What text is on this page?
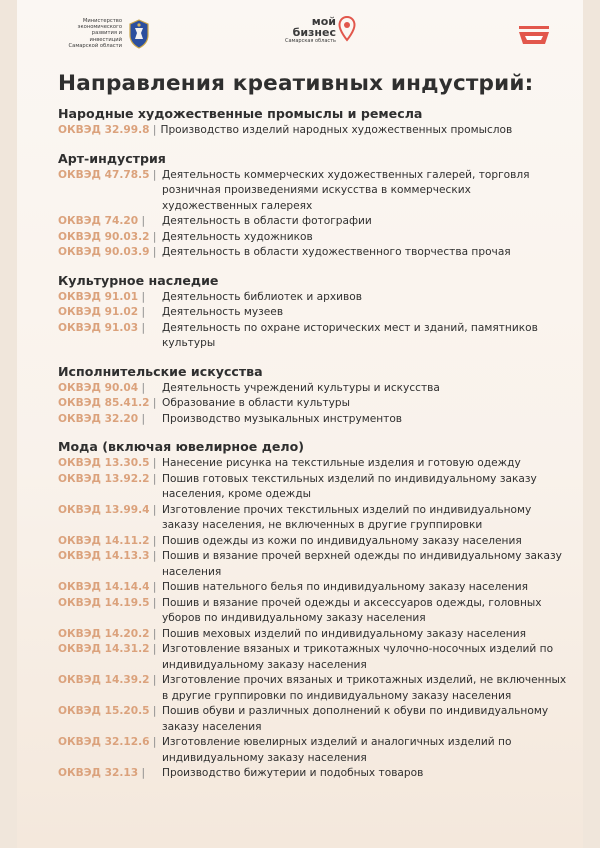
Министерство экономического развития и инвестиций Самарской области
мой
бизнес
Самарская область
Направления креативных индустрий:
Народные художественные промыслы и ремесла
ОКВЭД 32.99.8 | Производство изделий народных художественных промыслов
Арт-индустрия
ОКВЭД 47.78.5 | Деятельность коммерческих художественных галерей, торговля розничная произведениями искусства в коммерческих художественных галереях
ОКВЭД 74.20 |	Деятельность в области фотографии
ОКВЭД 90.03.2 | Деятельность художников
ОКВЭД 90.03.9 | Деятельность в области художественного творчества прочая
Культурное наследие
ОКВЭД 91.01 |	Деятельность библиотек и архивов
ОКВЭД 91.02 |	Деятельность музеев
ОКВЭД 91.03 |	Деятельность по охране исторических мест и зданий, памятников культуры
Исполнительские искусства
ОКВЭД 90.04 |	Деятельность учреждений культуры и искусства
ОКВЭД 85.41.2 | Образование в области культуры
ОКВЭД 32.20 |	Производство музыкальных инструментов
Мода (включая ювелирное дело)
ОКВЭД 13.30.5 | Нанесение рисунка на текстильные изделия и готовую одежду
ОКВЭД 13.92.2 | Пошив готовых текстильных изделий по индивидуальному заказу населения, кроме одежды
ОКВЭД 13.99.4 | Изготовление прочих текстильных изделий по индивидуальному заказу населения, не включенных в другие группировки
ОКВЭД 14.11.2 | Пошив одежды из кожи по индивидуальному заказу населения
ОКВЭД 14.13.3 | Пошив и вязание прочей верхней одежды по индивидуальному заказу населения
ОКВЭД 14.14.4 | Пошив нательного белья по индивидуальному заказу населения
ОКВЭД 14.19.5 | Пошив и вязание прочей одежды и аксессуаров одежды, головных уборов по индивидуальному заказу населения
ОКВЭД 14.20.2 | Пошив меховых изделий по индивидуальному заказу населения
ОКВЭД 14.31.2 | Изготовление вязаных и трикотажных чулочно-носочных изделий по индивидуальному заказу населения
ОКВЭД 14.39.2 | Изготовление прочих вязаных и трикотажных изделий, не включенных в другие группировки по индивидуальному заказу населения
ОКВЭД 15.20.5 | Пошив обуви и различных дополнений к обуви по индивидуальному заказу населения
ОКВЭД 32.12.6 | Изготовление ювелирных изделий и аналогичных изделий по индивидуальному заказу населения
ОКВЭД 32.13 |	Производство бижутерии и подобных товаров
